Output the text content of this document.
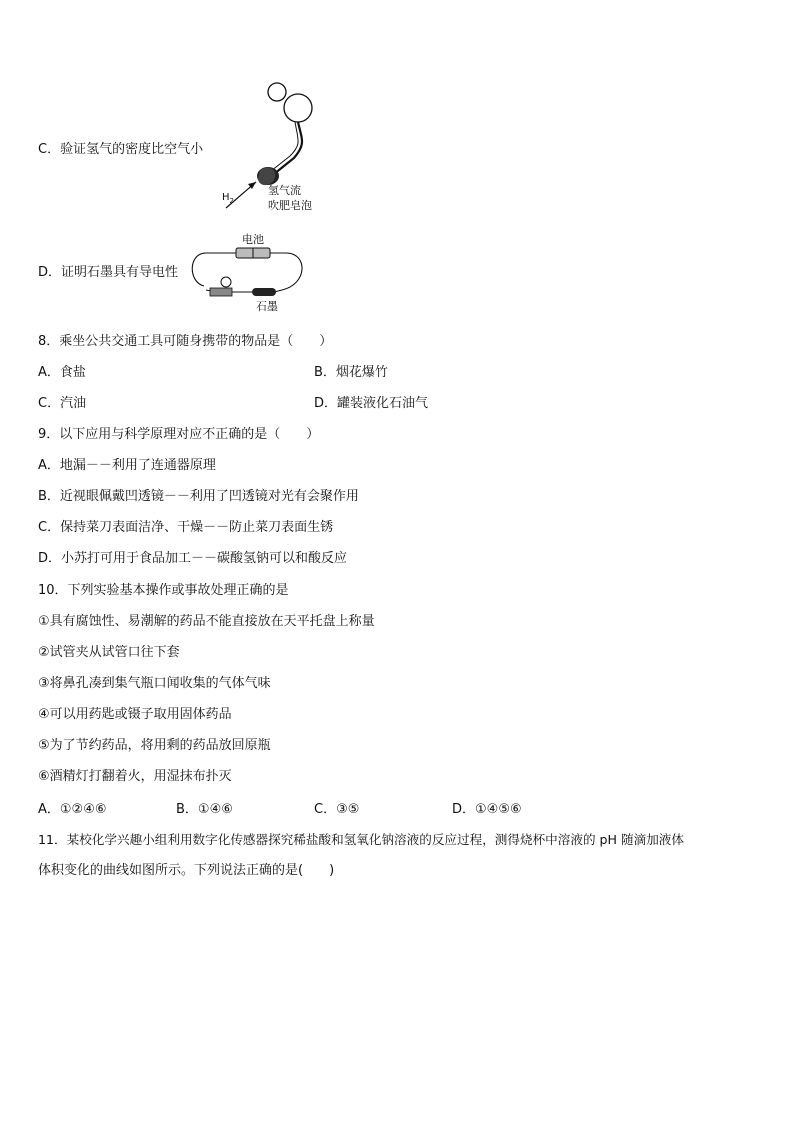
C．验证氢气的密度比空气小
$H_2$
氢气流
吹肥皂泡
D．证明石墨具有导电性
电池
石墨
8．乘坐公共交通工具可随身携带的物品是（　　）
A．食盐	B．烟花爆竹
C．汽油	D．罐装液化石油气
9．以下应用与科学原理对应不正确的是（　　）
A．地漏－－利用了连通器原理
B．近视眼佩戴凹透镜－－利用了凹透镜对光有会聚作用
C．保持菜刀表面洁净、干燥－－防止菜刀表面生锈
D．小苏打可用于食品加工－－碳酸氢钠可以和酸反应
10．下列实验基本操作或事故处理正确的是
①具有腐蚀性、易潮解的药品不能直接放在天平托盘上称量
②试管夹从试管口往下套
③将鼻孔凑到集气瓶口闻收集的气体气味
④可以用药匙或镊子取用固体药品
⑤为了节约药品，将用剩的药品放回原瓶
⑥酒精灯打翻着火，用湿抹布扑灭
A．①②④⑥	B．①④⑥	C．③⑤	D．①④⑤⑥
11．某校化学兴趣小组利用数字化传感器探究稀盐酸和氢氧化钠溶液的反应过程，测得烧杯中溶液的 pH 随滴加液体
体积变化的曲线如图所示。下列说法正确的是(　　)
